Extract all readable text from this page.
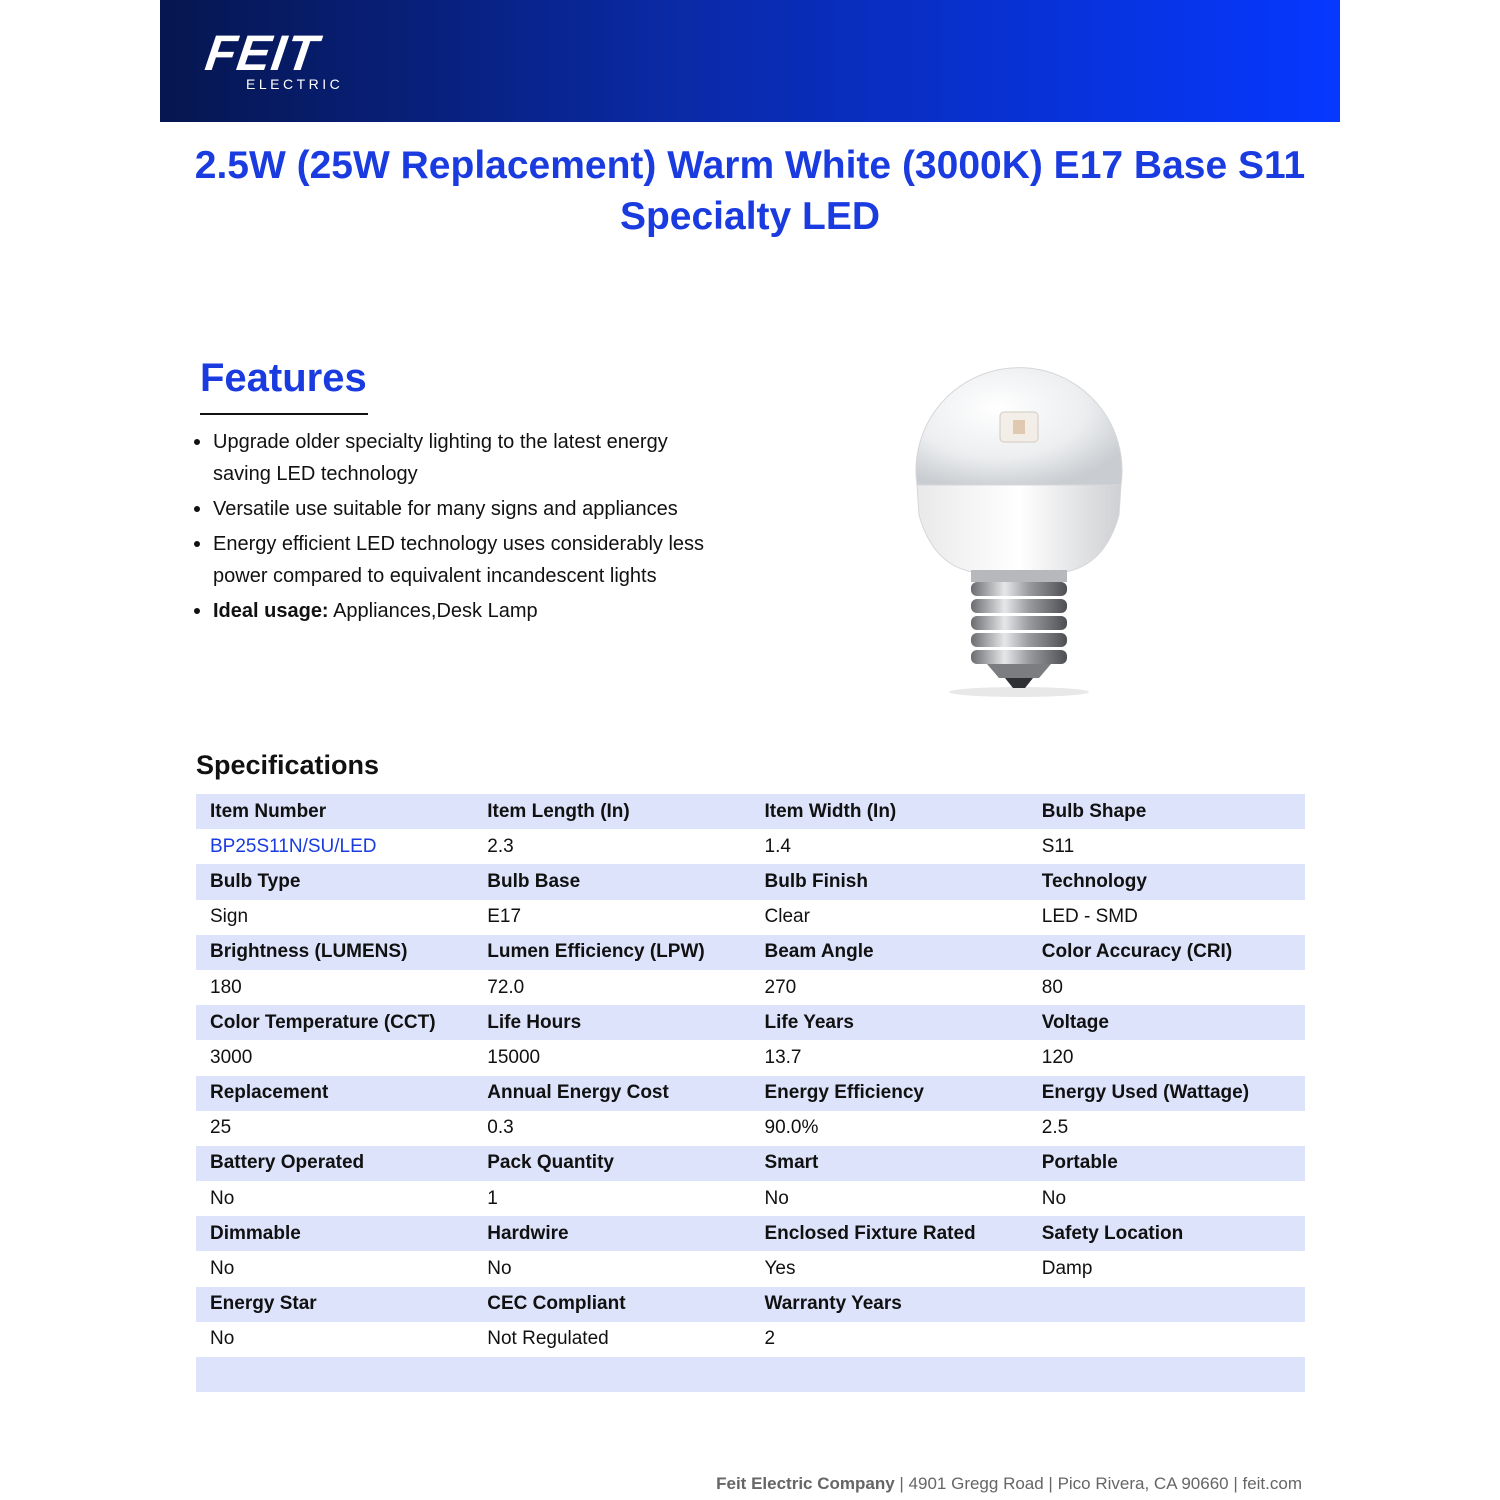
FEIT
ELECTRIC
2.5W (25W Replacement) Warm White (3000K) E17 Base S11 Specialty LED
Features
Upgrade older specialty lighting to the latest energy saving LED technology
Versatile use suitable for many signs and appliances
Energy efficient LED technology uses considerably less power compared to equivalent incandescent lights
Ideal usage: Appliances,Desk Lamp
Specifications
Item Number	Item Length (In)	Item Width (In)	Bulb Shape
BP25S11N/SU/LED	2.3	1.4	S11
Bulb Type	Bulb Base	Bulb Finish	Technology
Sign	E17	Clear	LED - SMD
Brightness (LUMENS)	Lumen Efficiency (LPW)	Beam Angle	Color Accuracy (CRI)
180	72.0	270	80
Color Temperature (CCT)	Life Hours	Life Years	Voltage
3000	15000	13.7	120
Replacement	Annual Energy Cost	Energy Efficiency	Energy Used (Wattage)
25	0.3	90.0%	2.5
Battery Operated	Pack Quantity	Smart	Portable
No	1	No	No
Dimmable	Hardwire	Enclosed Fixture Rated	Safety Location
No	No	Yes	Damp
Energy Star	CEC Compliant	Warranty Years
No	Not Regulated	2
Feit Electric Company | 4901 Gregg Road | Pico Rivera, CA 90660 | feit.com
